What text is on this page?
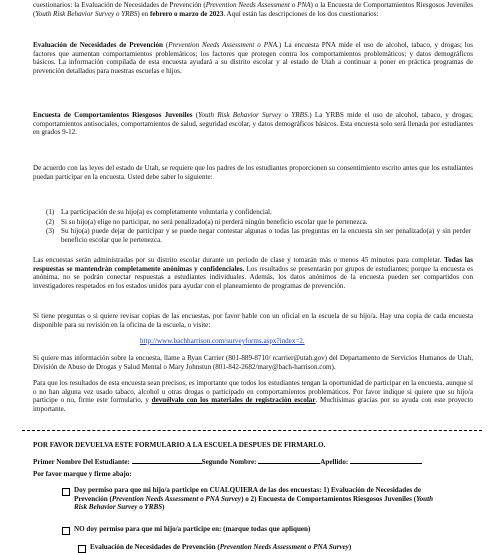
cuestionarios: la Evaluación de Necesidades de Prevención (Prevention Needs Assessment o PNA) o la Encuesta de Comportamientos Riesgosos Juveniles (Youth Risk Behavior Survey o YRBS) en febrero o marzo de 2023. Aquí están las descripciones de los dos cuestionarios:

Evaluación de Necesidades de Prevención (Prevention Needs Assessment o PNA.) La encuesta PNA mide el uso de alcohol, tabaco, y drogas; los factores que aumentan comportamientos problemáticos; los factores que protegen contra los comportamientos problemáticos; y datos demográficos básicos. La información compilada de esta encuesta ayudará a su distrito escolar y al estado de Utah a continuar a poner en práctica programas de prevención detallados para nuestras escuelas e hijos.

Encuesta de Comportamientos Riesgosos Juveniles (Youth Risk Behavior Survey o YRBS.) La YRBS mide el uso de alcohol, tabaco, y drogas; comportamientos antisociales, comportamientos de salud, seguridad escolar, y datos demográficos básicos. Esta encuesta solo será llenada por estudiantes en grados 9-12.

De acuerdo con las leyes del estado de Utah, se requiere que los padres de los estudiantes proporcionen su consentimiento escrito antes que los estudiantes puedan participar en la encuesta. Usted debe saber lo siguiente:

(1) La participación de su hijo(a) es completamente voluntaria y confidencial.
(2) Si su hijo(a) elige no participar, no será penalizado(a) ni perderá ningún beneficio escolar que le pertenezca.
(3) Su hijo(a) puede dejar de participar y se puede negar contestar algunas o todas las preguntas en la encuesta sin ser penalizado(a) y sin perder beneficio escolar que le pertenezca.

Las encuestas serán administradas por su distrito escolar durante un período de clase y tomarán más o menos 45 minutos para completar. Todas las respuestas se mantendrán completamente anónimas y confidenciales. Los resultados se presentarán por grupos de estudiantes; porque la encuesta es anónima, no se podrán conectar respuestas a estudiantes individuales. Además, los datos anónimos de la encuesta pueden ser compartidos con investigadores respetados en los estados unidos para ayudar con el planeamiento de programas de prevención.

Si tiene preguntas o si quiere revisar copias de las encuestas, por favor hable con un oficial en la escuela de su hijo/a. Hay una copia de cada encuesta disponible para su revisión en la oficina de la escuela, o visite:

http://www.bachharrison.com/surveyforms.aspx?index=2.

Si quiere mas información sobre la encuesta, llame a Ryan Carrier (801-889-8710/ rcarrier@utah.gov) del Departamento de Servicios Humanos de Utah, División de Abuso de Drogas y Salud Mental o Mary Johnstun (801-842-2682/mary@bach-harrison.com).

Para que los resultados de esta encuesta sean precisos, es importante que todos los estudiantes tengan la oportunidad de participar en la encuesta, aunque sí o no han alguna vez usado tabaco, alcohol u otras drogas o participado en comportamientos problemáticos. Por favor indique si quiere que su hijo/a participe o no, firme este formulario, y devuélvalo con los materiales de registración escolar. Muchísimas gracias por su ayuda con este proyecto importante.

POR FAVOR DEVUELVA ESTE FORMULARIO A LA ESCUELA DESPUES DE FIRMARLO.
Primer Nombre Del Estudiante:	Segundo Nombre:	Apellido:
Por favor marque y firme abajo:
Doy permiso para que mi hijo/a participe en CUALQUIERA de las dos encuestas: 1) Evaluación de Necesidades de Prevención (Prevention Needs Assessment o PNA Survey) o 2) Encuesta de Comportamientos Riesgosos Juveniles (Youth Risk Behavior Survey o YRBS)
NO doy permiso para que mi hijo/a participe en: (marque todas que apliquen)
Evaluación de Necesidades de Prevención (Prevention Needs Assessment o PNA Survey)
